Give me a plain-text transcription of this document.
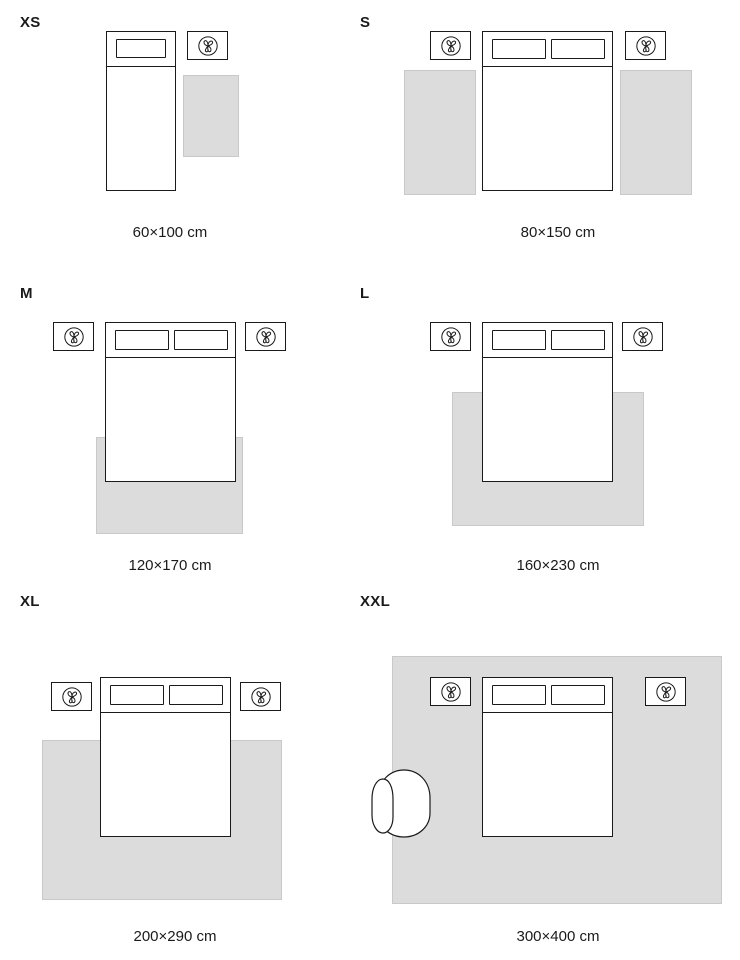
XS
60×100 cm
S
80×150 cm
M
120×170 cm
L
160×230 cm
XL
200×290 cm
XXL
300×400 cm
